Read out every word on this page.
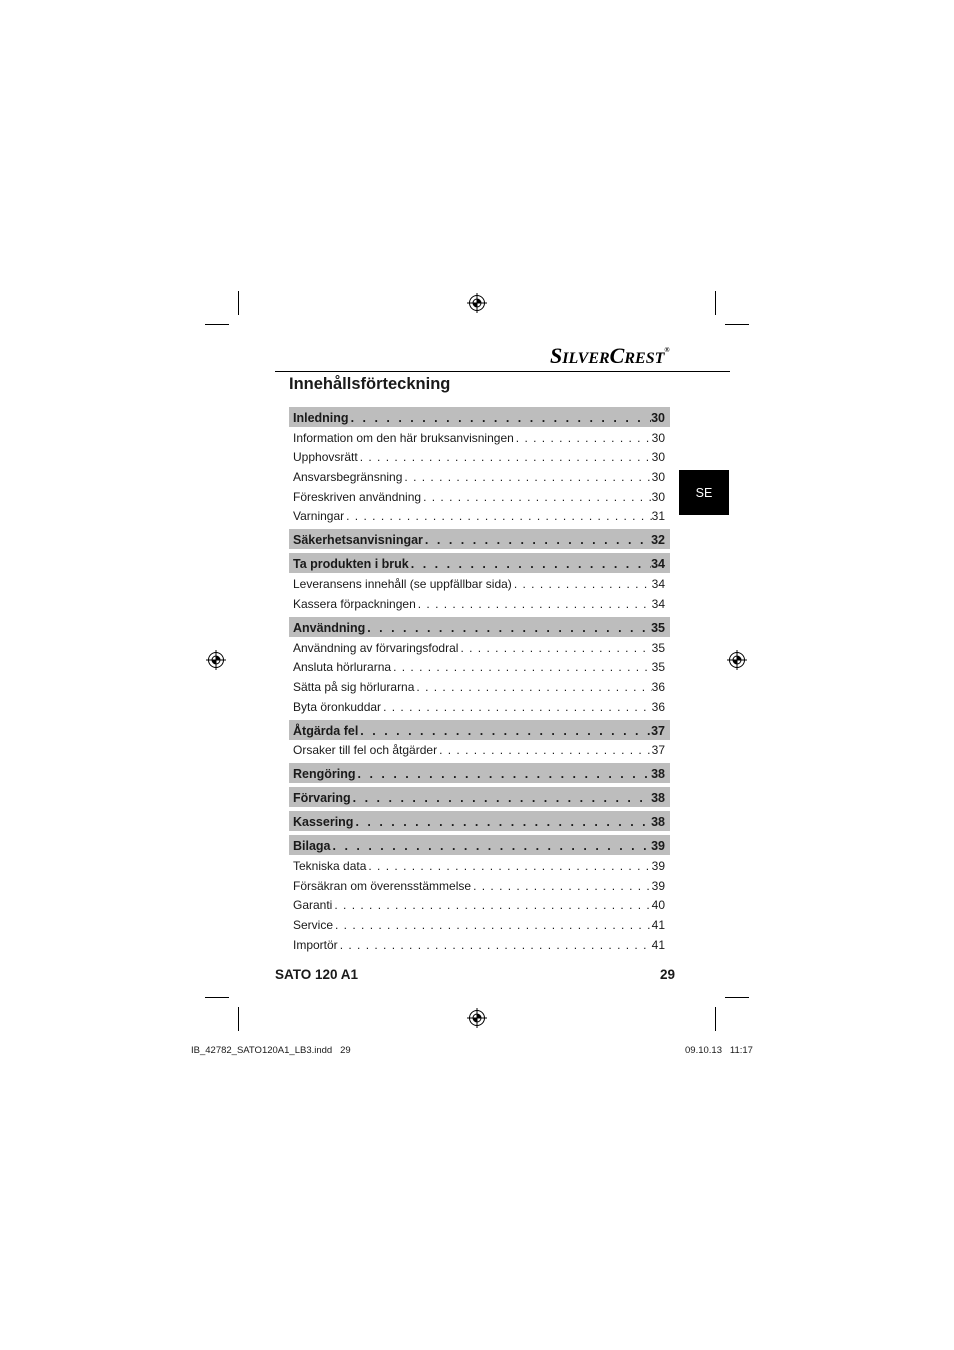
SILVERCREST®
Innehållsförteckning
SE
Inledning . . .	30
Information om den här bruksanvisningen . . .	30
Upphovsrätt . . .	30
Ansvarsbegränsning . . .	30
Föreskriven användning . . .	30
Varningar . . .	31
Säkerhetsanvisningar . . .	32
Ta produkten i bruk . . .	34
Leveransens innehåll (se uppfällbar sida) . . .	34
Kassera förpackningen . . .	34
Användning . . .	35
Användning av förvaringsfodral . . .	35
Ansluta hörlurarna . . .	35
Sätta på sig hörlurarna . . .	36
Byta öronkuddar . . .	36
Åtgärda fel . . .	37
Orsaker till fel och åtgärder . . .	37
Rengöring . . .	38
Förvaring . . .	38
Kassering . . .	38
Bilaga . . .	39
Tekniska data . . .	39
Försäkran om överensstämmelse . . .	39
Garanti . . .	40
Service . . .	41
Importör . . .	41
SATO 120 A1	29
IB_42782_SATO120A1_LB3.indd   29	09.10.13   11:17
